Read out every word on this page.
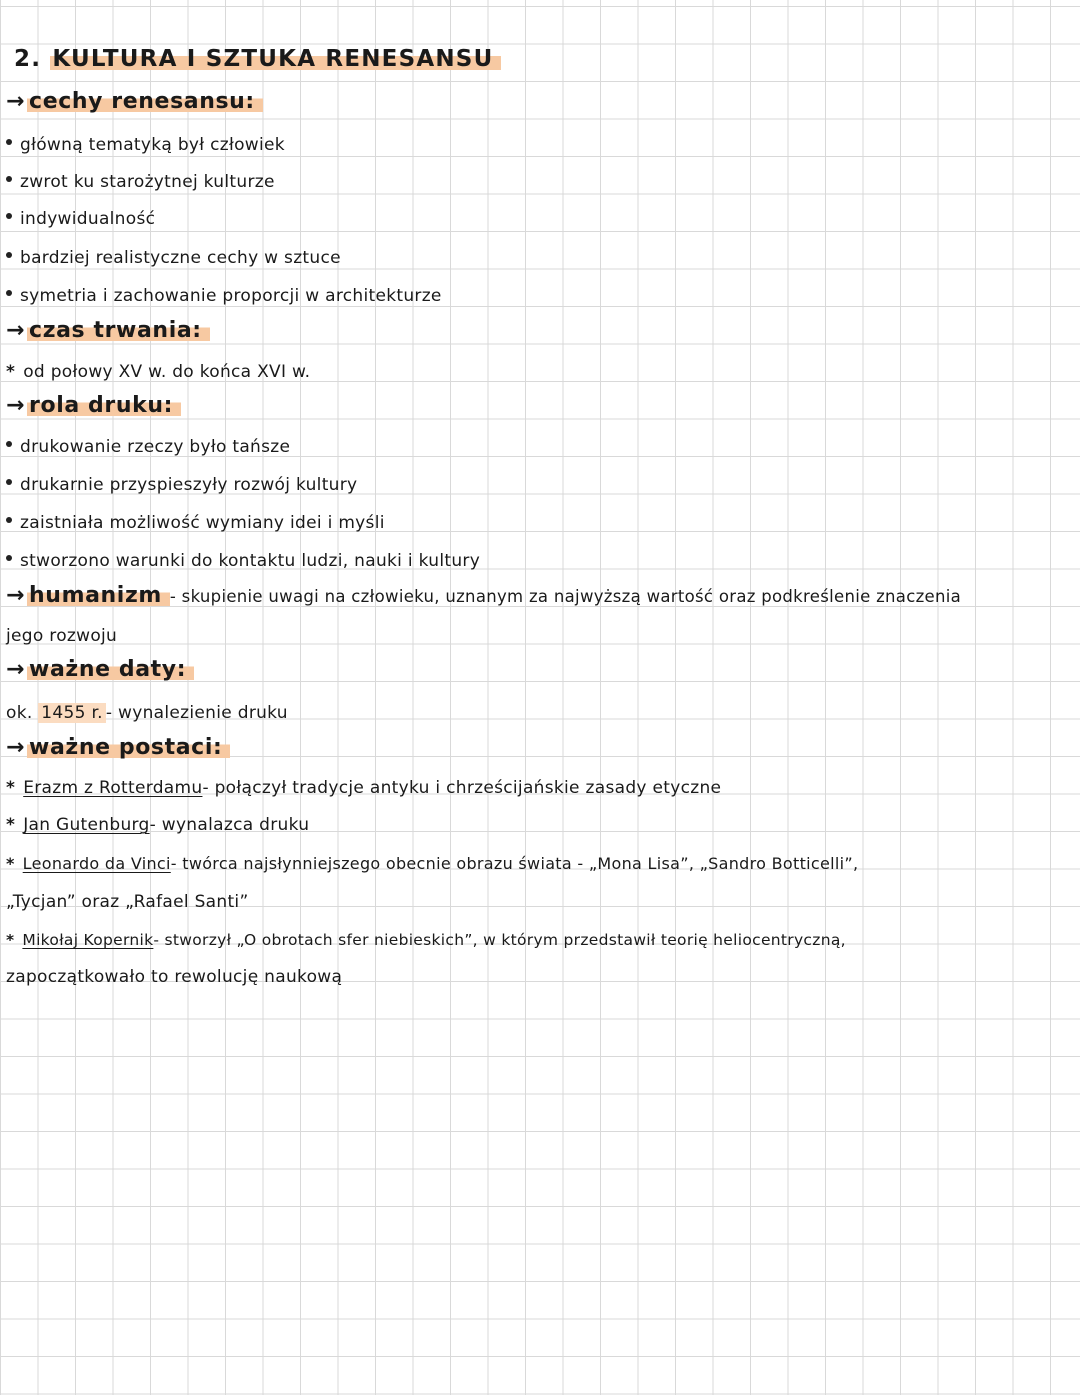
2. KULTURA I SZTUKA RENESANSU
→ cechy renesansu:
główną tematyką był człowiek
zwrot ku starożytnej kulturze
indywidualność
bardziej realistyczne cechy w sztuce
symetria i zachowanie proporcji w architekturze
→ czas trwania:
* od połowy XV w. do końca XVI w.
→ rola druku:
drukowanie rzeczy było tańsze
drukarnie przyspieszyły rozwój kultury
zaistniała możliwość wymiany idei i myśli
stworzono warunki do kontaktu ludzi, nauki i kultury
→ humanizm - skupienie uwagi na człowieku, uznanym za najwyższą wartość oraz podkreślenie znaczenia
jego rozwoju
→ ważne daty:
ok. 1455 r. - wynalezienie druku
→ ważne postaci:
* Erazm z Rotterdamu- połączył tradycje antyku i chrześcijańskie zasady etyczne
* Jan Gutenburg- wynalazca druku
* Leonardo da Vinci- twórca najsłynniejszego obecnie obrazu świata - „Mona Lisa”, „Sandro Botticelli”,
„Tycjan” oraz „Rafael Santi”
* Mikołaj Kopernik- stworzył „O obrotach sfer niebieskich”, w którym przedstawił teorię heliocentryczną,
zapoczątkowało to rewolucję naukową
